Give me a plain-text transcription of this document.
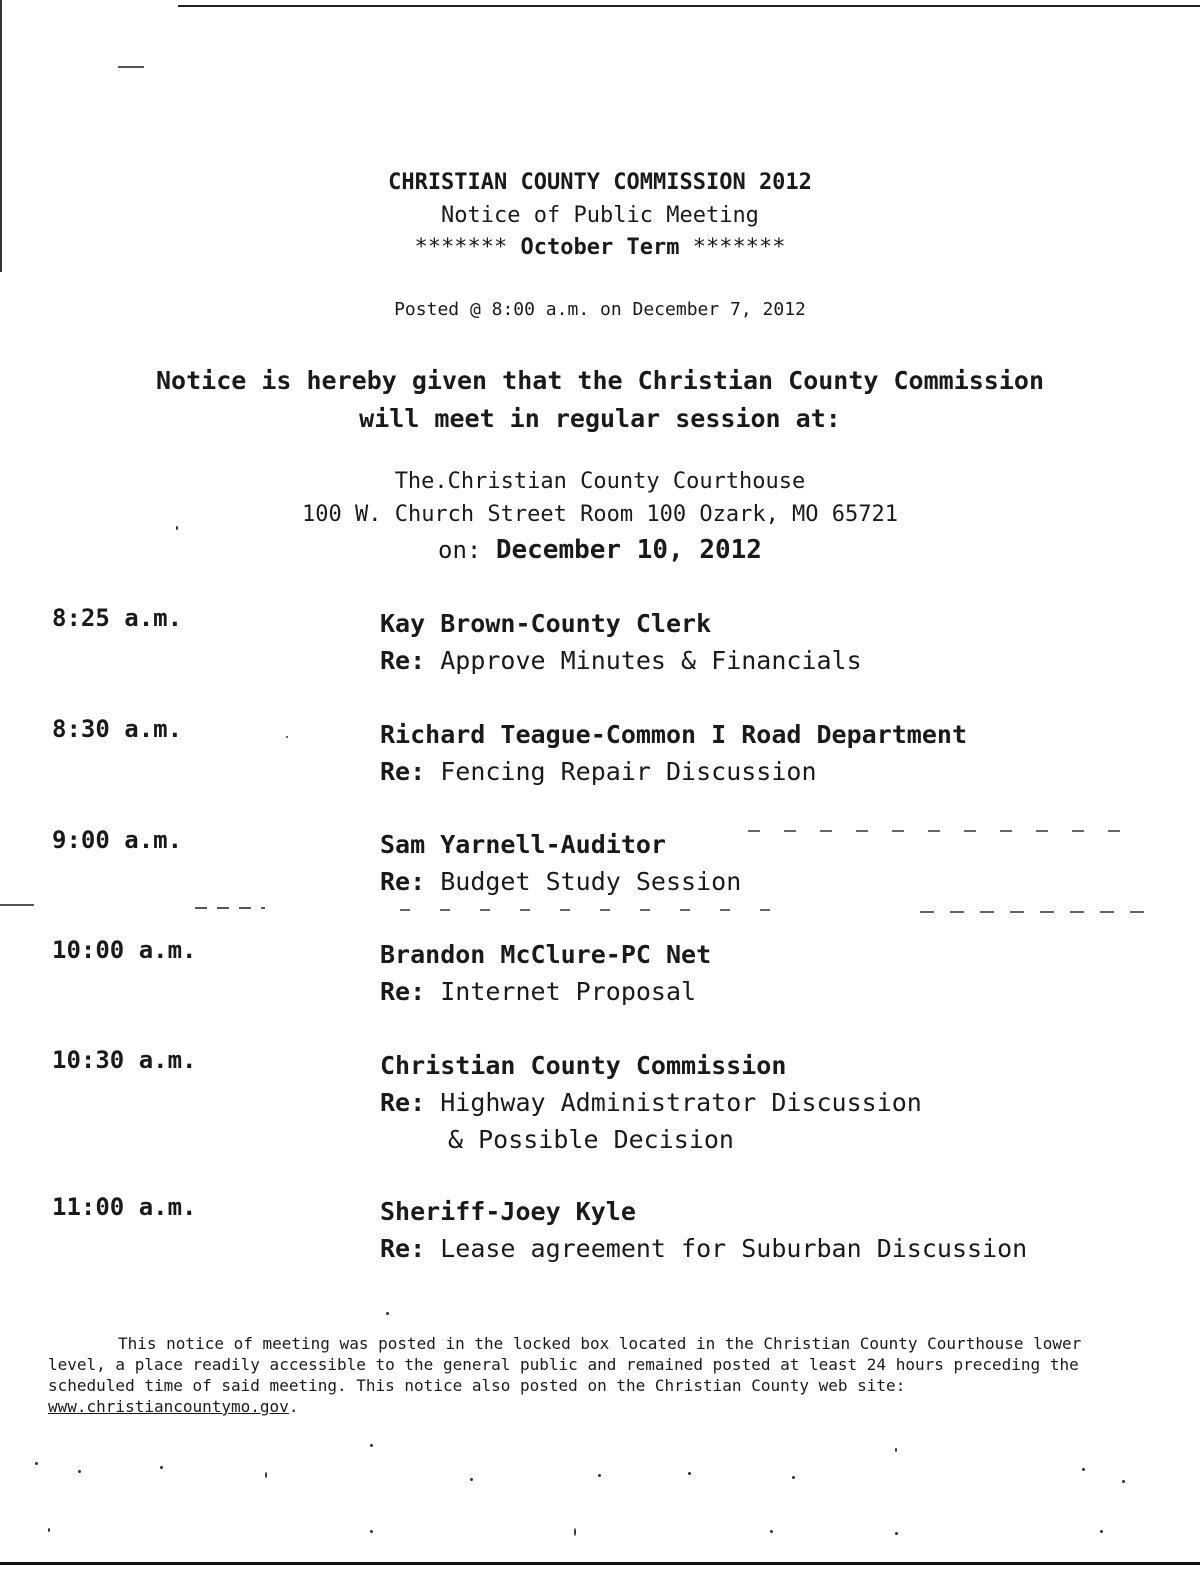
CHRISTIAN COUNTY COMMISSION 2012
Notice of Public Meeting
******* October Term *******
Posted @ 8:00 a.m. on December 7, 2012
Notice is hereby given that the Christian County Commission
will meet in regular session at:
The.Christian County Courthouse
100 W. Church Street Room 100 Ozark, MO 65721
on: December 10, 2012
8:25 a.m.	Kay Brown-County Clerk
Re: Approve Minutes & Financials
8:30 a.m.	Richard Teague-Common I Road Department
Re: Fencing Repair Discussion
9:00 a.m.	Sam Yarnell-Auditor
Re: Budget Study Session
10:00 a.m.	Brandon McClure-PC Net
Re: Internet Proposal
10:30 a.m.	Christian County Commission
Re: Highway Administrator Discussion
& Possible Decision
11:00 a.m.	Sheriff-Joey Kyle
Re: Lease agreement for Suburban Discussion
This notice of meeting was posted in the locked box located in the Christian County Courthouse lower level, a place readily accessible to the general public and remained posted at least 24 hours preceding the scheduled time of said meeting. This notice also posted on the Christian County web site: www.christiancountymo.gov.
